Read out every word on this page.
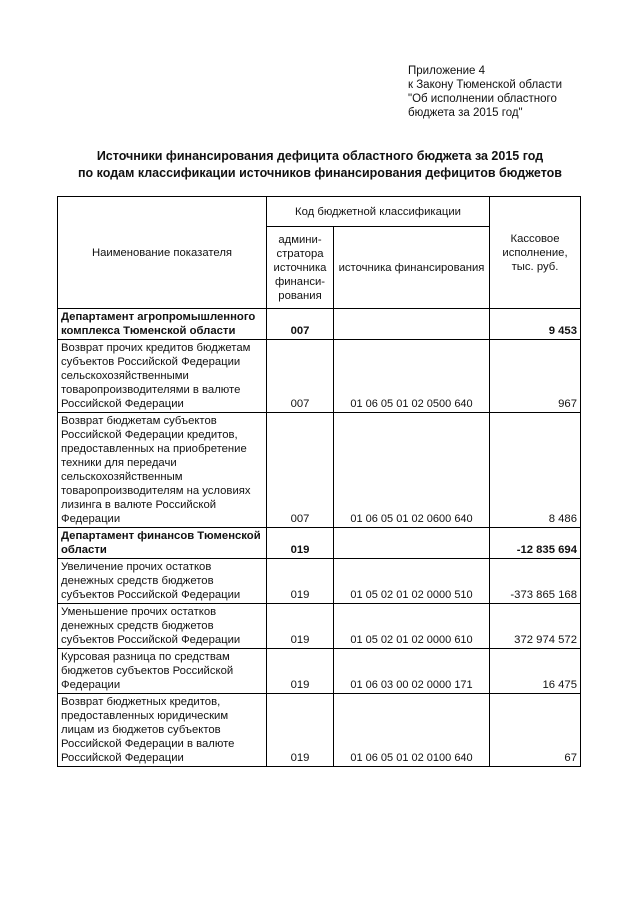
Приложение 4
к Закону Тюменской области
"Об исполнении областного
бюджета за 2015 год"
Источники финансирования дефицита областного бюджета за 2015 год
по кодам классификации источников финансирования дефицитов бюджетов
Наименование показателя	Код бюджетной классификации		Кассовое исполнение, тыс. руб.
	админи-стратора источника финанси-рования	источника финансирования	
Департамент агропромышленного комплекса Тюменской области	007		9 453
Возврат прочих кредитов бюджетам субъектов Российской Федерации сельскохозяйственными товаропроизводителями в валюте Российской Федерации	007	01 06 05 01 02 0500 640	967
Возврат бюджетам субъектов Российской Федерации кредитов, предоставленных на приобретение техники для передачи сельскохозяйственным товаропроизводителям на условиях лизинга в валюте Российской Федерации	007	01 06 05 01 02 0600 640	8 486
Департамент финансов Тюменской области	019		-12 835 694
Увеличение прочих остатков денежных средств бюджетов субъектов Российской Федерации	019	01 05 02 01 02 0000 510	-373 865 168
Уменьшение прочих остатков денежных средств бюджетов субъектов Российской Федерации	019	01 05 02 01 02 0000 610	372 974 572
Курсовая разница по средствам бюджетов субъектов Российской Федерации	019	01 06 03 00 02 0000 171	16 475
Возврат бюджетных кредитов, предоставленных юридическим лицам из бюджетов субъектов Российской Федерации в валюте Российской Федерации	019	01 06 05 01 02 0100 640	67
